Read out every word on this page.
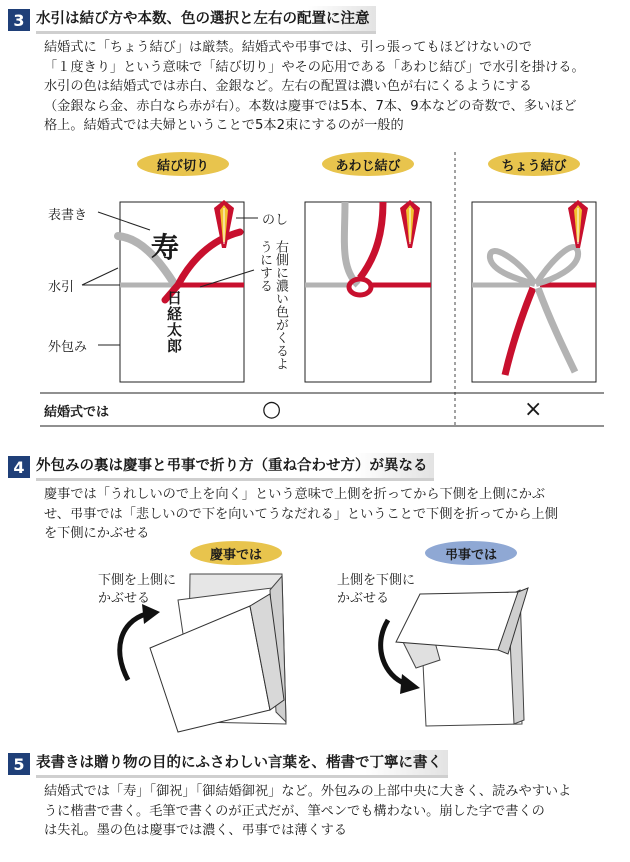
3 水引は結び方や本数、色の選択と左右の配置に注意
結婚式に「ちょう結び」は厳禁。結婚式や弔事では、引っ張ってもほどけないので
「１度きり」という意味で「結び切り」やその応用である「あわじ結び」で水引を掛ける。
水引の色は結婚式では赤白、金銀など。左右の配置は濃い色が右にくるようにする
（金銀なら金、赤白なら赤が右）。本数は慶事では5本、7本、9本などの奇数で、多いほど
格上。結婚式では夫婦ということで5本2束にするのが一般的
結び切り	あわじ結び	ちょう結び
寿
日経太郎
表書き
水引
外包み
のし
右側に濃い色がくるようにする
結婚式では	○	×
4 外包みの裏は慶事と弔事で折り方（重ね合わせ方）が異なる
慶事では「うれしいので上を向く」という意味で上側を折ってから下側を上側にかぶ
せ、弔事では「悲しいので下を向いてうなだれる」ということで下側を折ってから上側
を下側にかぶせる
慶事では	弔事では
下側を上側に
かぶせる
上側を下側に
かぶせる
5 表書きは贈り物の目的にふさわしい言葉を、楷書で丁寧に書く
結婚式では「寿」「御祝」「御結婚御祝」など。外包みの上部中央に大きく、読みやすいよ
うに楷書で書く。毛筆で書くのが正式だが、筆ペンでも構わない。崩した字で書くの
は失礼。墨の色は慶事では濃く、弔事では薄くする
